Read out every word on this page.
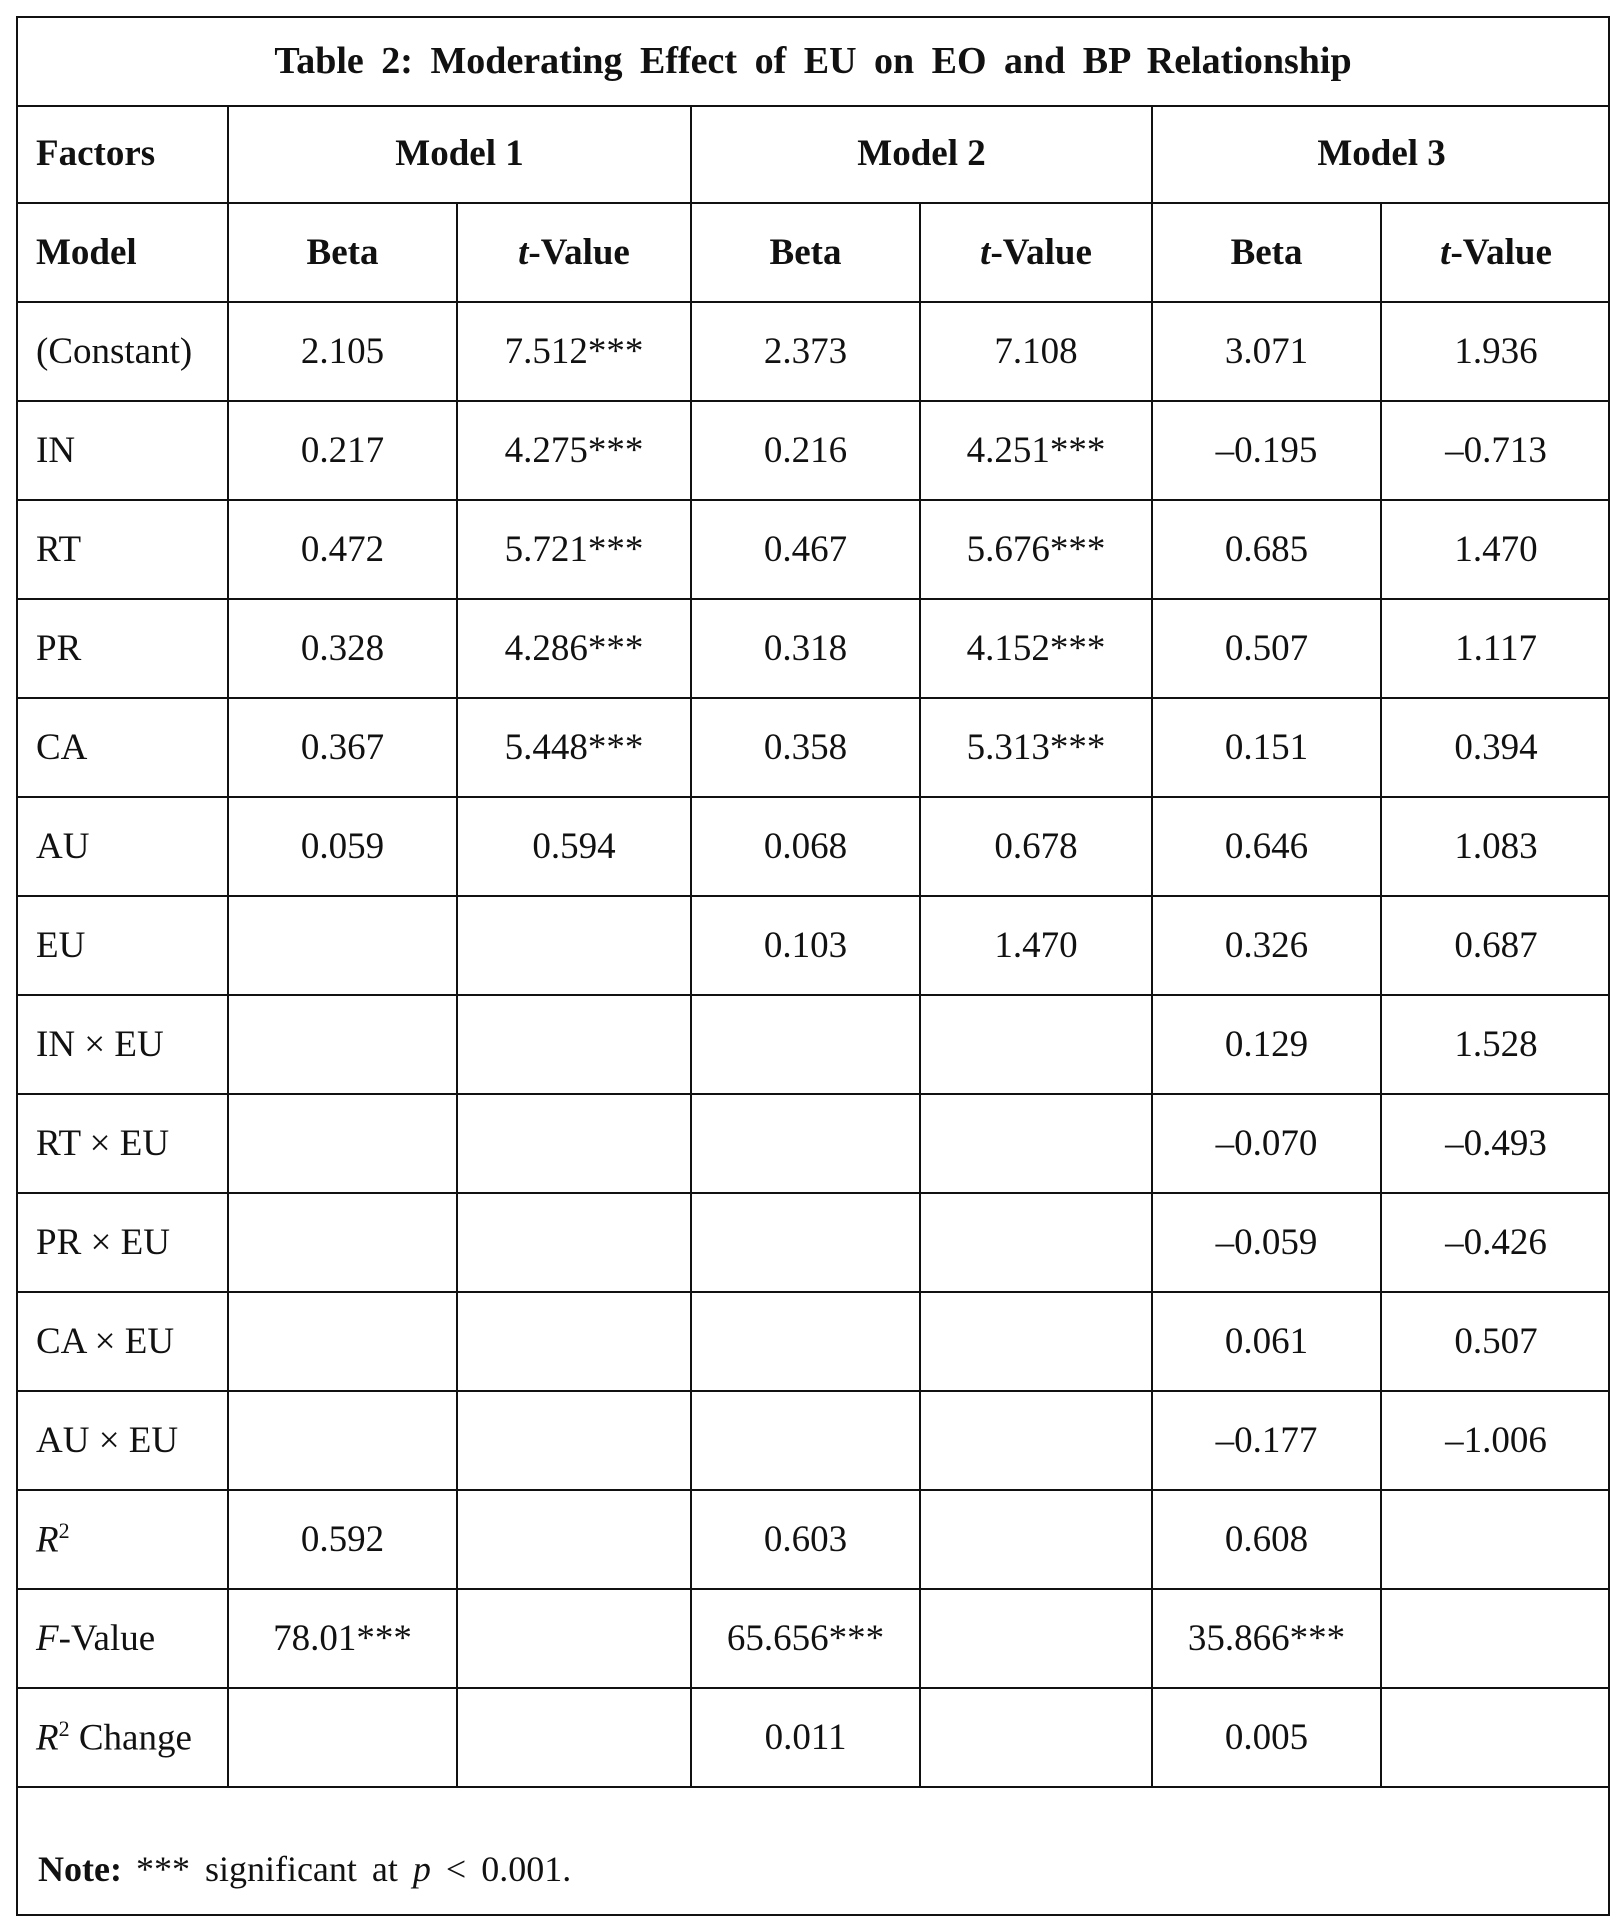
Table 2: Moderating Effect of EU on EO and BP Relationship
Factors	Model 1		Model 2		Model 3	
Model	Beta	t-Value	Beta	t-Value	Beta	t-Value
(Constant)	2.105	7.512***	2.373	7.108	3.071	1.936
IN	0.217	4.275***	0.216	4.251***	–0.195	–0.713
RT	0.472	5.721***	0.467	5.676***	0.685	1.470
PR	0.328	4.286***	0.318	4.152***	0.507	1.117
CA	0.367	5.448***	0.358	5.313***	0.151	0.394
AU	0.059	0.594	0.068	0.678	0.646	1.083
EU			0.103	1.470	0.326	0.687
IN × EU					0.129	1.528
RT × EU					–0.070	–0.493
PR × EU					–0.059	–0.426
CA × EU					0.061	0.507
AU × EU					–0.177	–1.006
$R^2$	0.592		0.603		0.608	
F-Value	78.01***		65.656***		35.866***	
$R^2$ Change			0.011		0.005	
Note: *** significant at
p
< 0.001.
